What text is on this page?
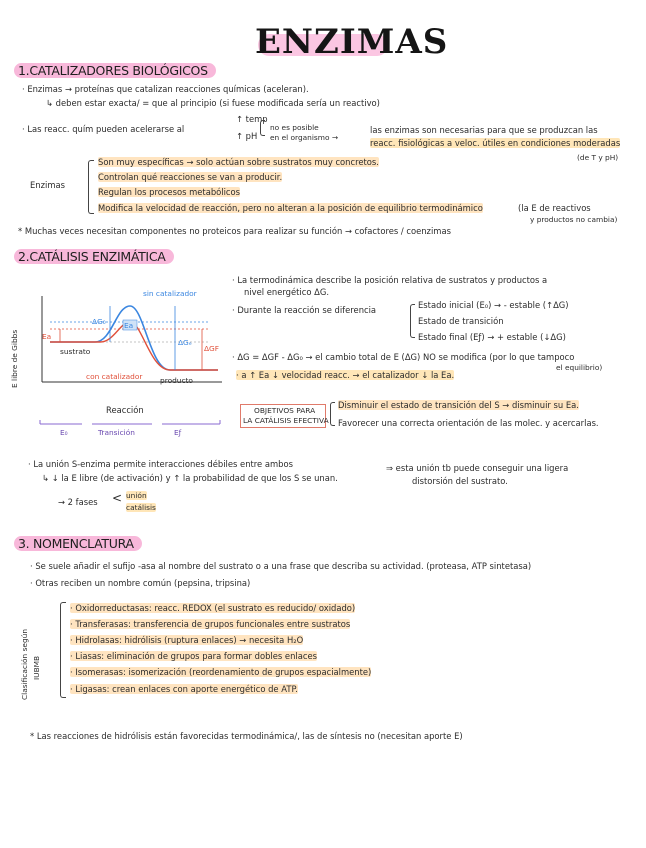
ENZIMAS
1.CATALIZADORES BIOLÓGICOS
· Enzimas → proteínas que catalizan reacciones químicas (aceleran).
↳ deben estar exacta/ = que al principio (si fuese modificada sería un reactivo)
· Las reacc. quím pueden acelerarse al
↑ temp
↑ pH
no es posible
en el organismo →
las enzimas son necesarias para que se produzcan las
reacc. fisiológicas a veloc. útiles en condiciones moderadas
(de T y pH)
Enzimas
Son muy específicas → solo actúan sobre sustratos muy concretos.
Controlan qué reacciones se van a producir.
Regulan los procesos metabólicos
Modifica la velocidad de reacción, pero no alteran a la posición de equilibrio termodinámico	(la E de reactivos
y productos no cambia)
* Muchas veces necesitan componentes no proteicos para realizar su función → cofactores / coenzimas
2.CATÁLISIS ENZIMÁTICA
sin catalizador
con catalizador
E libre de Gibbs
Reacción
sustrato
producto
ΔG₀
Ea
Ea
ΔGₑ
ΔGF
E₀	Transición	Eƒ
· La termodinámica describe la posición relativa de sustratos y productos a
nivel energético ΔG.
· Durante la reacción se diferencia	Estado inicial (E₀) → - estable (↑ΔG)
Estado de transición
Estado final (Eƒ) → + estable (↓ΔG)
· ΔG = ΔGF - ΔG₀ → el cambio total de E (ΔG) NO se modifica (por lo que tampoco
el equilibrio)
· a ↑ Ea ↓ velocidad reacc. → el catalizador ↓ la Ea.
OBJETIVOS PARA
LA CATÁLISIS EFECTIVA
Disminuir el estado de transición del S → disminuir su Ea.
Favorecer una correcta orientación de las molec. y acercarlas.
· La unión S-enzima permite interacciones débiles entre ambos
↳ ↓ la E libre (de activación) y ↑ la probabilidad de que los S se unan.
⇒ esta unión tb puede conseguir una ligera
distorsión del sustrato.
→ 2 fases < unión
catálisis
3. NOMENCLATURA
· Se suele añadir el sufijo -asa al nombre del sustrato o a una frase que describa su actividad. (proteasa, ATP sintetasa)
· Otras reciben un nombre común (pepsina, tripsina)
Clasificación según IUBMB
· Oxidorreductasas: reacc. REDOX (el sustrato es reducido/ oxidado)
· Transferasas: transferencia de grupos funcionales entre sustratos
· Hidrolasas: hidrólisis (ruptura enlaces) → necesita H₂O
· Liasas: eliminación de grupos para formar dobles enlaces
· Isomerasas: isomerización (reordenamiento de grupos espacialmente)
· Ligasas: crean enlaces con aporte energético de ATP.
* Las reacciones de hidrólisis están favorecidas termodinámica/, las de síntesis no (necesitan aporte E)
